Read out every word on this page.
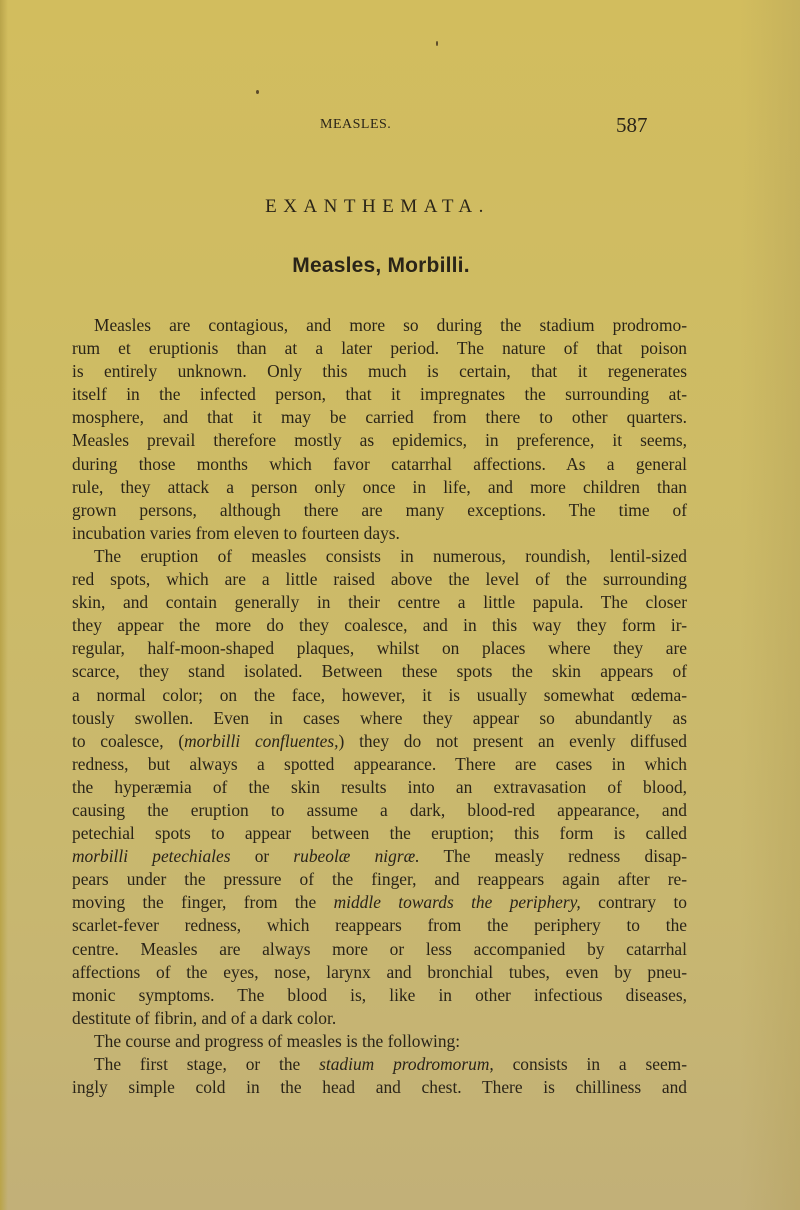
MEASLES.	587
EXANTHEMATA.
Measles, Morbilli.
Measles are contagious, and more so during the stadium prodromo-
rum et eruptionis than at a later period. The nature of that poison
is entirely unknown. Only this much is certain, that it regenerates
itself in the infected person, that it impregnates the surrounding at-
mosphere, and that it may be carried from there to other quarters.
Measles prevail therefore mostly as epidemics, in preference, it seems,
during those months which favor catarrhal affections. As a general
rule, they attack a person only once in life, and more children than
grown persons, although there are many exceptions. The time of
incubation varies from eleven to fourteen days.
The eruption of measles consists in numerous, roundish, lentil-sized
red spots, which are a little raised above the level of the surrounding
skin, and contain generally in their centre a little papula. The closer
they appear the more do they coalesce, and in this way they form ir-
regular, half-moon-shaped plaques, whilst on places where they are
scarce, they stand isolated. Between these spots the skin appears of
a normal color; on the face, however, it is usually somewhat œdema-
tously swollen. Even in cases where they appear so abundantly as
to coalesce, (morbilli confluentes,) they do not present an evenly diffused
redness, but always a spotted appearance. There are cases in which
the hyperæmia of the skin results into an extravasation of blood,
causing the eruption to assume a dark, blood-red appearance, and
petechial spots to appear between the eruption; this form is called
morbilli petechiales or rubeolæ nigræ. The measly redness disap-
pears under the pressure of the finger, and reappears again after re-
moving the finger, from the middle towards the periphery, contrary to
scarlet-fever redness, which reappears from the periphery to the
centre. Measles are always more or less accompanied by catarrhal
affections of the eyes, nose, larynx and bronchial tubes, even by pneu-
monic symptoms. The blood is, like in other infectious diseases,
destitute of fibrin, and of a dark color.
The course and progress of measles is the following:
The first stage, or the stadium prodromorum, consists in a seem-
ingly simple cold in the head and chest. There is chilliness and
